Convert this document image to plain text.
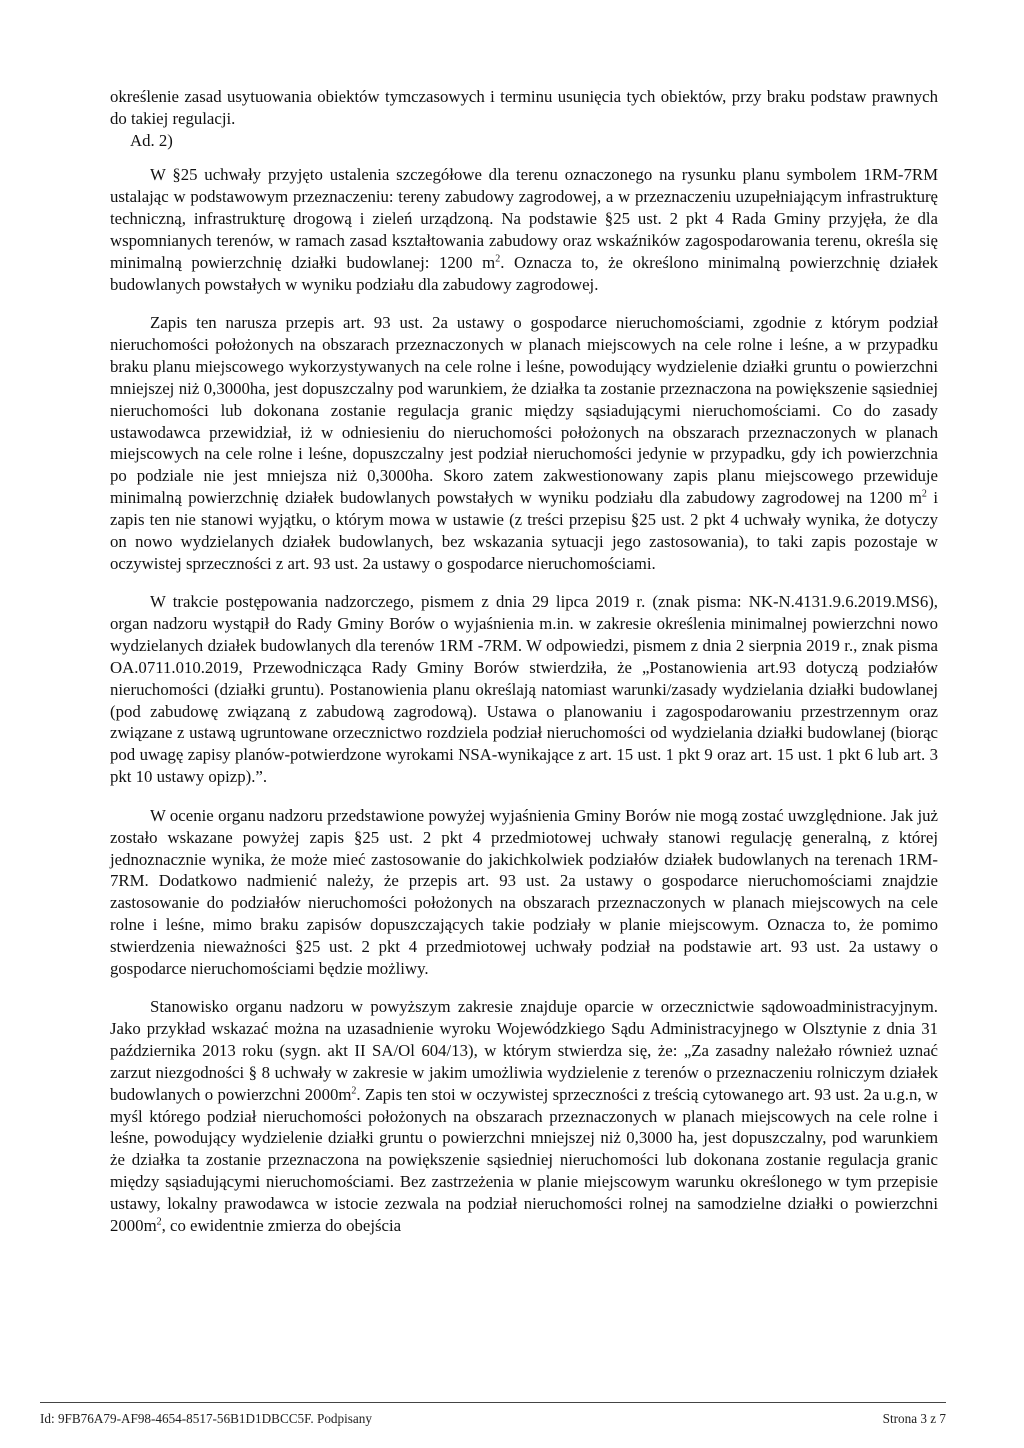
określenie zasad usytuowania obiektów tymczasowych i terminu usunięcia tych obiektów, przy braku podstaw prawnych do takiej regulacji.

Ad. 2)

W §25 uchwały przyjęto ustalenia szczegółowe dla terenu oznaczonego na rysunku planu symbolem 1RM-7RM ustalając w podstawowym przeznaczeniu: tereny zabudowy zagrodowej, a w przeznaczeniu uzupełniającym infrastrukturę techniczną, infrastrukturę drogową i zieleń urządzoną. Na podstawie §25 ust. 2 pkt 4 Rada Gminy przyjęła, że dla wspomnianych terenów, w ramach zasad kształtowania zabudowy oraz wskaźników zagospodarowania terenu, określa się minimalną powierzchnię działki budowlanej: 1200 $m^2$. Oznacza to, że określono minimalną powierzchnię działek budowlanych powstałych w wyniku podziału dla zabudowy zagrodowej.

Zapis ten narusza przepis art. 93 ust. 2a ustawy o gospodarce nieruchomościami, zgodnie z którym podział nieruchomości położonych na obszarach przeznaczonych w planach miejscowych na cele rolne i leśne, a w przypadku braku planu miejscowego wykorzystywanych na cele rolne i leśne, powodujący wydzielenie działki gruntu o powierzchni mniejszej niż 0,3000ha, jest dopuszczalny pod warunkiem, że działka ta zostanie przeznaczona na powiększenie sąsiedniej nieruchomości lub dokonana zostanie regulacja granic między sąsiadującymi nieruchomościami. Co do zasady ustawodawca przewidział, iż w odniesieniu do nieruchomości położonych na obszarach przeznaczonych w planach miejscowych na cele rolne i leśne, dopuszczalny jest podział nieruchomości jedynie w przypadku, gdy ich powierzchnia po podziale nie jest mniejsza niż 0,3000ha. Skoro zatem zakwestionowany zapis planu miejscowego przewiduje minimalną powierzchnię działek budowlanych powstałych w wyniku podziału dla zabudowy zagrodowej na 1200 $m^2$ i zapis ten nie stanowi wyjątku, o którym mowa w ustawie (z treści przepisu §25 ust. 2 pkt 4 uchwały wynika, że dotyczy on nowo wydzielanych działek budowlanych, bez wskazania sytuacji jego zastosowania), to taki zapis pozostaje w oczywistej sprzeczności z art. 93 ust. 2a ustawy o gospodarce nieruchomościami.

W trakcie postępowania nadzorczego, pismem z dnia 29 lipca 2019 r. (znak pisma: NK-N.4131.9.6.2019.MS6), organ nadzoru wystąpił do Rady Gminy Borów o wyjaśnienia m.in. w zakresie określenia minimalnej powierzchni nowo wydzielanych działek budowlanych dla terenów 1RM -7RM. W odpowiedzi, pismem z dnia 2 sierpnia 2019 r., znak pisma OA.0711.010.2019, Przewodnicząca Rady Gminy Borów stwierdziła, że „Postanowienia art.93 dotyczą podziałów nieruchomości (działki gruntu). Postanowienia planu określają natomiast warunki/zasady wydzielania działki budowlanej (pod zabudowę związaną z zabudową zagrodową). Ustawa o planowaniu i zagospodarowaniu przestrzennym oraz związane z ustawą ugruntowane orzecznictwo rozdziela podział nieruchomości od wydzielania działki budowlanej (biorąc pod uwagę zapisy planów-potwierdzone wyrokami NSA-wynikające z art. 15 ust. 1 pkt 9 oraz art. 15 ust. 1 pkt 6 lub art. 3 pkt 10 ustawy opizp).”.

W ocenie organu nadzoru przedstawione powyżej wyjaśnienia Gminy Borów nie mogą zostać uwzględnione. Jak już zostało wskazane powyżej zapis §25 ust. 2 pkt 4 przedmiotowej uchwały stanowi regulację generalną, z której jednoznacznie wynika, że może mieć zastosowanie do jakichkolwiek podziałów działek budowlanych na terenach 1RM-7RM. Dodatkowo nadmienić należy, że przepis art. 93 ust. 2a ustawy o gospodarce nieruchomościami znajdzie zastosowanie do podziałów nieruchomości położonych na obszarach przeznaczonych w planach miejscowych na cele rolne i leśne, mimo braku zapisów dopuszczających takie podziały w planie miejscowym. Oznacza to, że pomimo stwierdzenia nieważności §25 ust. 2 pkt 4 przedmiotowej uchwały podział na podstawie art. 93 ust. 2a ustawy o gospodarce nieruchomościami będzie możliwy.

Stanowisko organu nadzoru w powyższym zakresie znajduje oparcie w orzecznictwie sądowoadministracyjnym. Jako przykład wskazać można na uzasadnienie wyroku Wojewódzkiego Sądu Administracyjnego w Olsztynie z dnia 31 października 2013 roku (sygn. akt II SA/Ol 604/13), w którym stwierdza się, że: „Za zasadny należało również uznać zarzut niezgodności § 8 uchwały w zakresie w jakim umożliwia wydzielenie z terenów o przeznaczeniu rolniczym działek budowlanych o powierzchni $2000m^2$. Zapis ten stoi w oczywistej sprzeczności z treścią cytowanego art. 93 ust. 2a u.g.n, w myśl którego podział nieruchomości położonych na obszarach przeznaczonych w planach miejscowych na cele rolne i leśne, powodujący wydzielenie działki gruntu o powierzchni mniejszej niż 0,3000 ha, jest dopuszczalny, pod warunkiem że działka ta zostanie przeznaczona na powiększenie sąsiedniej nieruchomości lub dokonana zostanie regulacja granic między sąsiadującymi nieruchomościami. Bez zastrzeżenia w planie miejscowym warunku określonego w tym przepisie ustawy, lokalny prawodawca w istocie zezwala na podział nieruchomości rolnej na samodzielne działki o powierzchni $2000m^2$, co ewidentnie zmierza do obejścia

Id: 9FB76A79-AF98-4654-8517-56B1D1DBCC5F. Podpisany	Strona 3 z 7
